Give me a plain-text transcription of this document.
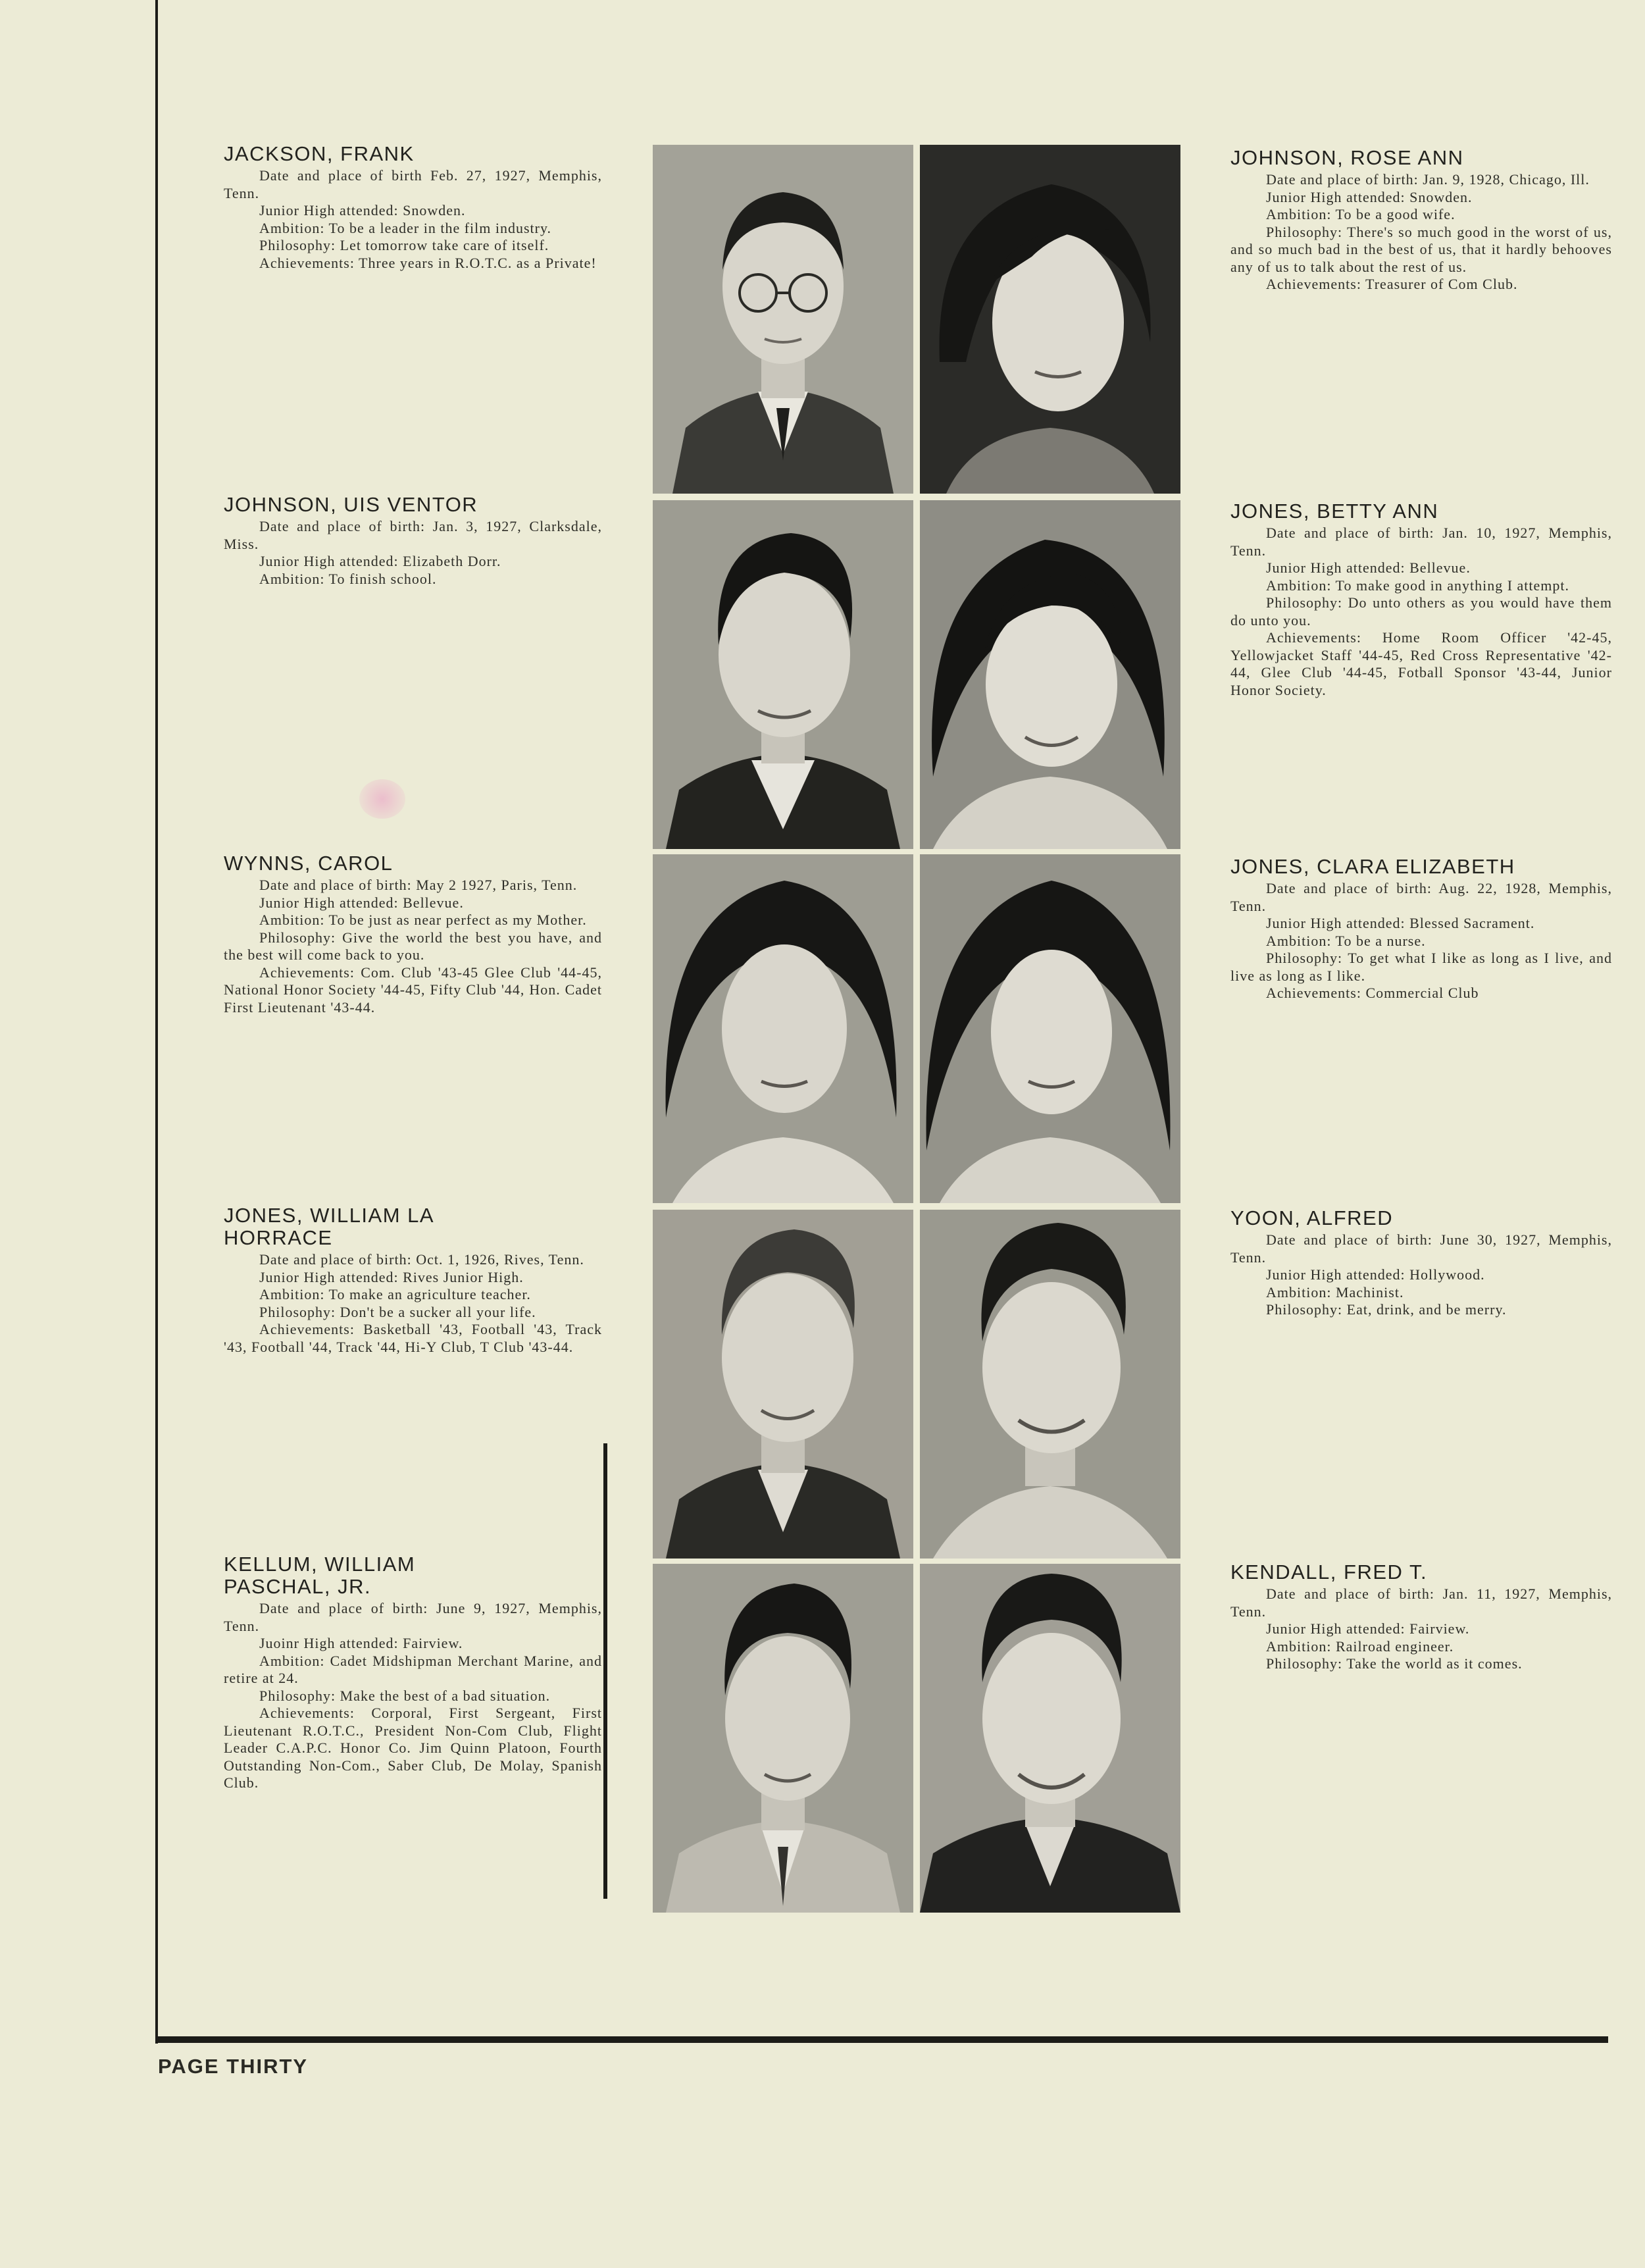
JACKSON, FRANK

Date and place of birth Feb. 27, 1927, Memphis, Tenn.

Junior High attended: Snowden.

Ambition: To be a leader in the film industry.

Philosophy: Let tomorrow take care of itself.

Achievements: Three years in R.O.T.C. as a Private!

JOHNSON, UIS VENTOR

Date and place of birth: Jan. 3, 1927, Clarksdale, Miss.

Junior High attended: Elizabeth Dorr.

Ambition: To finish school.

WYNNS, CAROL

Date and place of birth: May 2 1927, Paris, Tenn.

Junior High attended: Bellevue.

Ambition: To be just as near perfect as my Mother.

Philosophy: Give the world the best you have, and the best will come back to you.

Achievements: Com. Club '43-45 Glee Club '44-45, National Honor Society '44-45, Fifty Club '44, Hon. Cadet First Lieutenant '43-44.

JONES, WILLIAM LA HORRACE

Date and place of birth: Oct. 1, 1926, Rives, Tenn.

Junior High attended: Rives Junior High.

Ambition: To make an agriculture teacher.

Philosophy: Don't be a sucker all your life.

Achievements: Basketball '43, Football '43, Track '43, Football '44, Track '44, Hi-Y Club, T Club '43-44.

KELLUM, WILLIAM PASCHAL, JR.

Date and place of birth: June 9, 1927, Memphis, Tenn.

Juoinr High attended: Fairview.

Ambition: Cadet Midshipman Merchant Marine, and retire at 24.

Philosophy: Make the best of a bad situation.

Achievements: Corporal, First Sergeant, First Lieutenant R.O.T.C., President Non-Com Club, Flight Leader C.A.P.C. Honor Co. Jim Quinn Platoon, Fourth Outstanding Non-Com., Saber Club, De Molay, Spanish Club.

JOHNSON, ROSE ANN

Date and place of birth: Jan. 9, 1928, Chicago, Ill.

Junior High attended: Snowden.

Ambition: To be a good wife.

Philosophy: There's so much good in the worst of us, and so much bad in the best of us, that it hardly behooves any of us to talk about the rest of us.

Achievements: Treasurer of Com Club.

JONES, BETTY ANN

Date and place of birth: Jan. 10, 1927, Memphis, Tenn.

Junior High attended: Bellevue.

Ambition: To make good in anything I attempt.

Philosophy: Do unto others as you would have them do unto you.

Achievements: Home Room Officer '42-45, Yellowjacket Staff '44-45, Red Cross Representative '42-44, Glee Club '44-45, Fotball Sponsor '43-44, Junior Honor Society.

JONES, CLARA ELIZABETH

Date and place of birth: Aug. 22, 1928, Memphis, Tenn.

Junior High attended: Blessed Sacrament.

Ambition: To be a nurse.

Philosophy: To get what I like as long as I live, and live as long as I like.

Achievements: Commercial Club

YOON, ALFRED

Date and place of birth: June 30, 1927, Memphis, Tenn.

Junior High attended: Hollywood.

Ambition: Machinist.

Philosophy: Eat, drink, and be merry.

KENDALL, FRED T.

Date and place of birth: Jan. 11, 1927, Memphis, Tenn.

Junior High attended: Fairview.

Ambition: Railroad engineer.

Philosophy: Take the world as it comes.

PAGE THIRTY
